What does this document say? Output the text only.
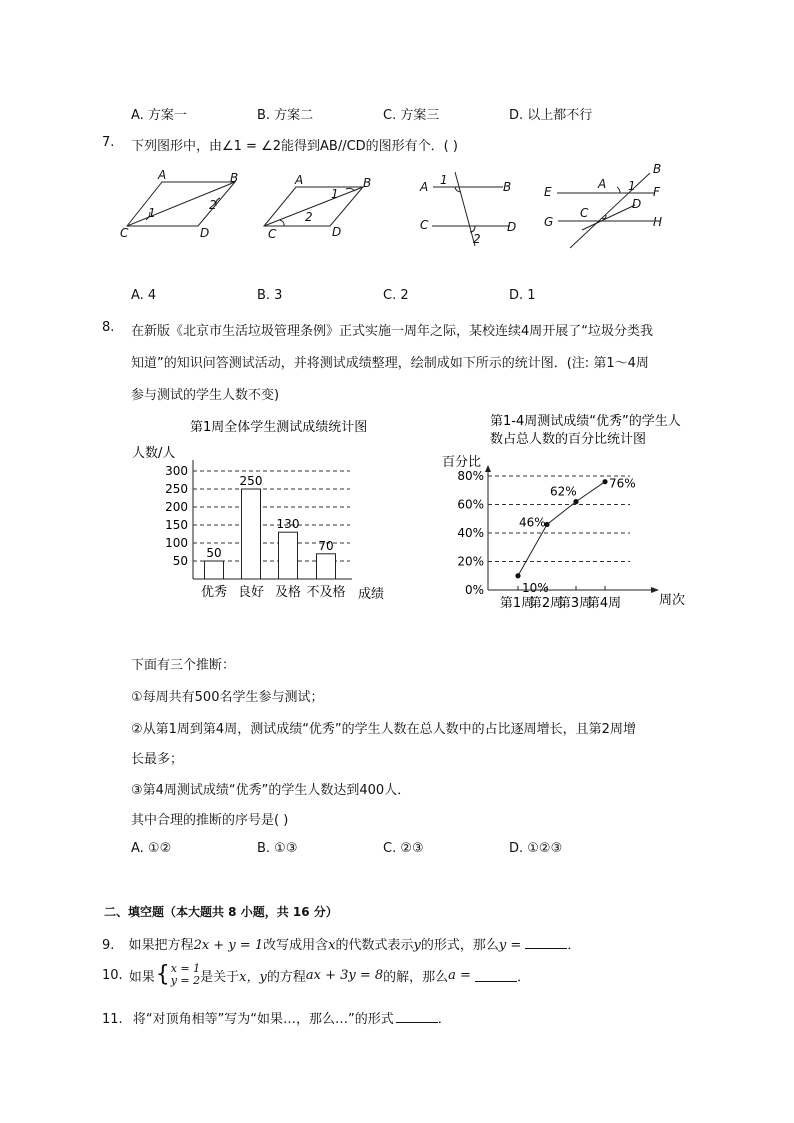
A. 方案一	B. 方案二	C. 方案三	D. 以上都不行
7. 下列图形中，由∠1 = ∠2能得到AB//CD的图形有个．( )
A	B
C	D
1
2
A	B
C	D
1
2
A	B
C	D
1
2
B
E
A 1 F
C
D
G	H
A. 4	B. 3	C. 2	D. 1
8. 在新版《北京市生活垃圾管理条例》正式实施一周年之际，某校连续4周开展了“垃圾分类我
知道”的知识问答测试活动，并将测试成绩整理，绘制成如下所示的统计图．(注: 第1～4周
参与测试的学生人数不变)
第1周全体学生测试成绩统计图
人数/人
成绩
50
100
150
200
250
300
50
优秀
250
良好
130
及格
70
不及格
第1-4周测试成绩“优秀”的学生人
数占总人数的百分比统计图
百分比
周次
0%
20%
40%
60%
80%
第1周
第2周
第3周
第4周
10%
46%
62%
76%
下面有三个推断：
①每周共有500名学生参与测试；
②从第1周到第4周，测试成绩“优秀”的学生人数在总人数中的占比逐周增长，且第2周增
长最多；
③第4周测试成绩“优秀”的学生人数达到400人．
其中合理的推断的序号是( )
A. ①②	B. ①③	C. ②③	D. ①②③
二、填空题（本大题共 8 小题，共 16 分）
9. 如果把方程2x + y = 1改写成用含x的代数式表示y的形式，那么y =	．
10. 如果 { x = 1
y = 2 是关于 x，y 的方程 ax + 3y = 8 的解，那么 a =	．
11. 将“对顶角相等”写为“如果…，那么…”的形式	．
